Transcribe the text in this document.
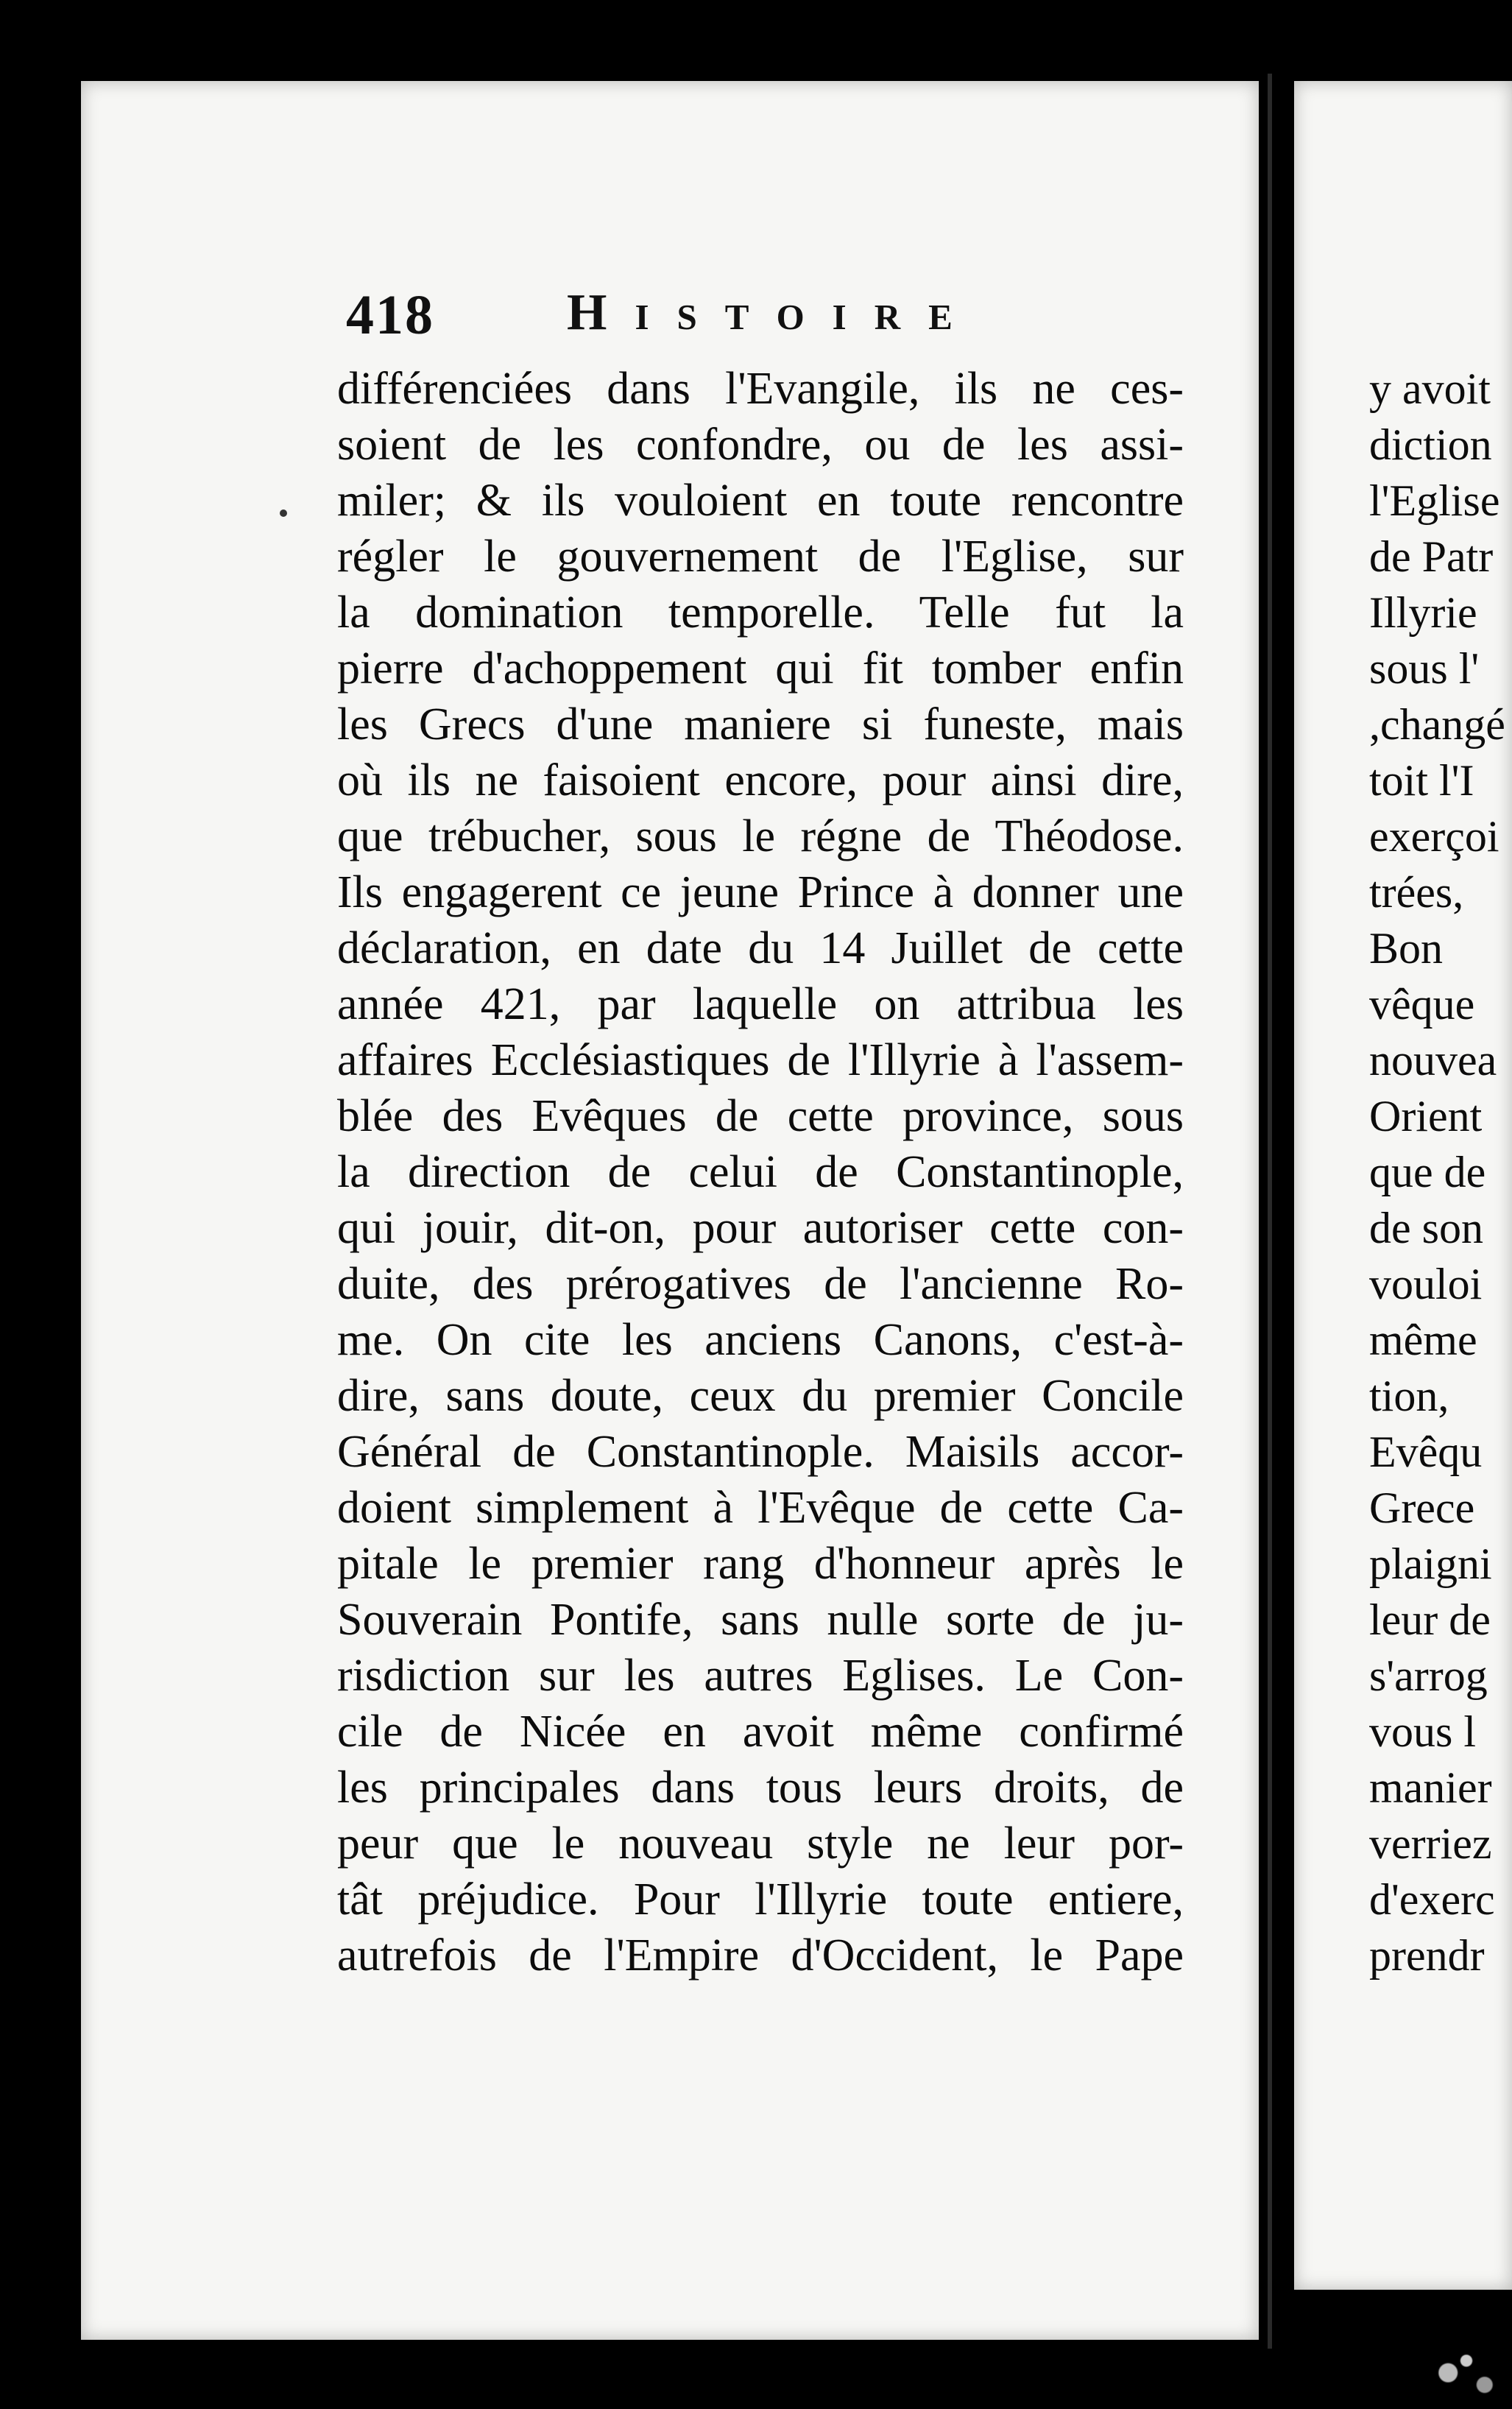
418	Histoire
différenciées dans l'Evangile, ils ne ces-
soient de les confondre, ou de les assi-
miler; & ils vouloient en toute rencontre
régler le gouvernement de l'Eglise, sur
la domination temporelle. Telle fut la
pierre d'achoppement qui fit tomber enfin
les Grecs d'une maniere si funeste, mais
où ils ne faisoient encore, pour ainsi dire,
que trébucher, sous le régne de Théodose.
Ils engagerent ce jeune Prince à donner une
déclaration, en date du 14 Juillet de cette
année 421, par laquelle on attribua les
affaires Ecclésiastiques de l'Illyrie à l'assem-
blée des Evêques de cette province, sous
la direction de celui de Constantinople,
qui jouir, dit-on, pour autoriser cette con-
duite, des prérogatives de l'ancienne Ro-
me. On cite les anciens Canons, c'est-à-
dire, sans doute, ceux du premier Concile
Général de Constantinople. Maisils accor-
doient simplement à l'Evêque de cette Ca-
pitale le premier rang d'honneur après le
Souverain Pontife, sans nulle sorte de ju-
risdiction sur les autres Eglises. Le Con-
cile de Nicée en avoit même confirmé
les principales dans tous leurs droits, de
peur que le nouveau style ne leur por-
tât préjudice. Pour l'Illyrie toute entiere,
autrefois de l'Empire d'Occident, le Pape
y avoit
diction
l'Eglise
de Patr
Illyrie
sous l'
,changé
toit l'I
exerçoi
trées,
Bon
vêque
nouvea
Orient
que de
de son
vouloi
même
tion,
Evêqu
Grece
plaigni
leur de
s'arrog
vous l
manier
verriez
d'exerc
prendr
